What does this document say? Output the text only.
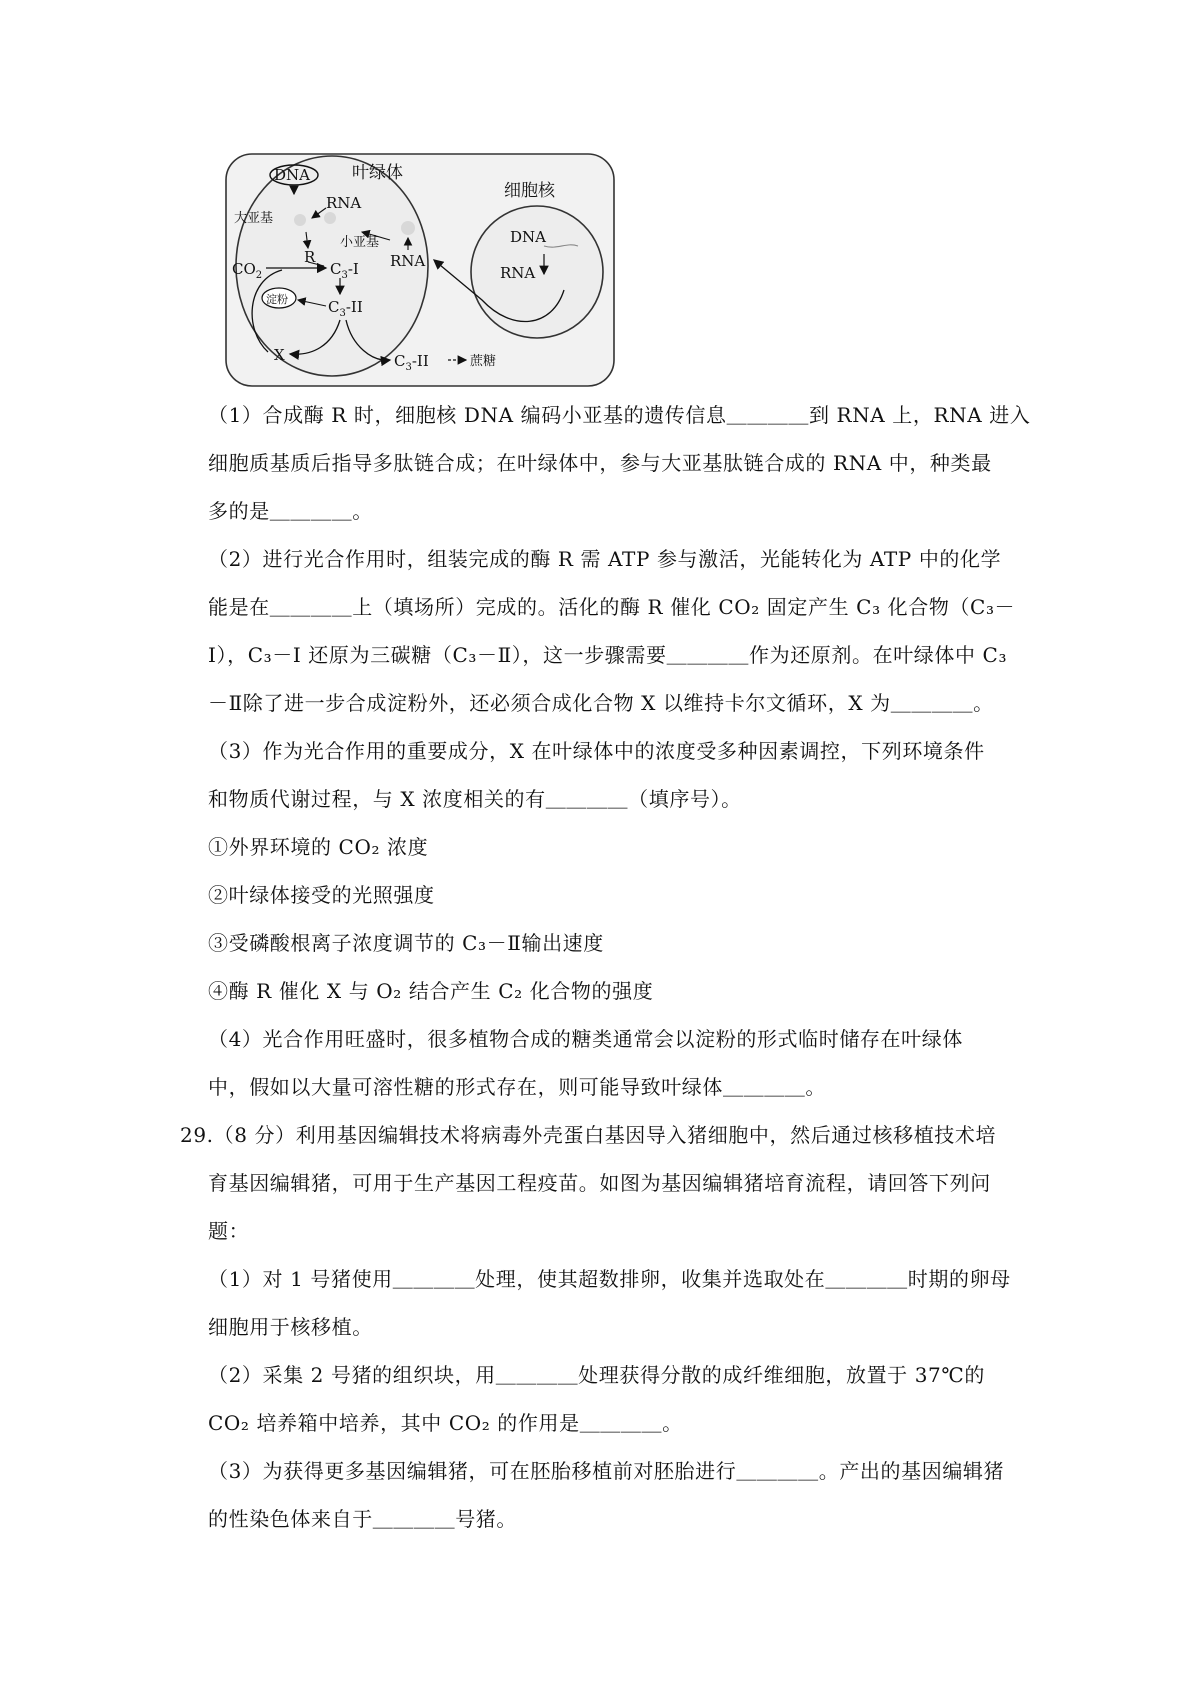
叶绿体
细胞核
DNA
RNA
大亚基
小亚基
R	RNA
$CO_2$	$C_3-I$
淀粉	$C_3-II$
X	$C_3-II$	蔗糖
DNA
RNA
（1）合成酶 R 时，细胞核 DNA 编码小亚基的遗传信息＿＿＿＿到 RNA 上，RNA 进入
细胞质基质后指导多肽链合成；在叶绿体中，参与大亚基肽链合成的 RNA 中，种类最
多的是＿＿＿＿。
（2）进行光合作用时，组装完成的酶 R 需 ATP 参与激活，光能转化为 ATP 中的化学
能是在＿＿＿＿上（填场所）完成的。活化的酶 R 催化 CO₂ 固定产生 C₃ 化合物（C₃－
I），C₃－I 还原为三碳糖（C₃－Ⅱ），这一步骤需要＿＿＿＿作为还原剂。在叶绿体中 C₃
－Ⅱ除了进一步合成淀粉外，还必须合成化合物 X 以维持卡尔文循环，X 为＿＿＿＿。
（3）作为光合作用的重要成分，X 在叶绿体中的浓度受多种因素调控，下列环境条件
和物质代谢过程，与 X 浓度相关的有＿＿＿＿（填序号）。
①外界环境的 CO₂ 浓度
②叶绿体接受的光照强度
③受磷酸根离子浓度调节的 C₃－Ⅱ输出速度
④酶 R 催化 X 与 O₂ 结合产生 C₂ 化合物的强度
（4）光合作用旺盛时，很多植物合成的糖类通常会以淀粉的形式临时储存在叶绿体
中，假如以大量可溶性糖的形式存在，则可能导致叶绿体＿＿＿＿。
29.（8 分）利用基因编辑技术将病毒外壳蛋白基因导入猪细胞中，然后通过核移植技术培
育基因编辑猪，可用于生产基因工程疫苗。如图为基因编辑猪培育流程，请回答下列问
题：
（1）对 1 号猪使用＿＿＿＿处理，使其超数排卵，收集并选取处在＿＿＿＿时期的卵母
细胞用于核移植。
（2）采集 2 号猪的组织块，用＿＿＿＿处理获得分散的成纤维细胞，放置于 37℃的
CO₂ 培养箱中培养，其中 CO₂ 的作用是＿＿＿＿。
（3）为获得更多基因编辑猪，可在胚胎移植前对胚胎进行＿＿＿＿。产出的基因编辑猪
的性染色体来自于＿＿＿＿号猪。
